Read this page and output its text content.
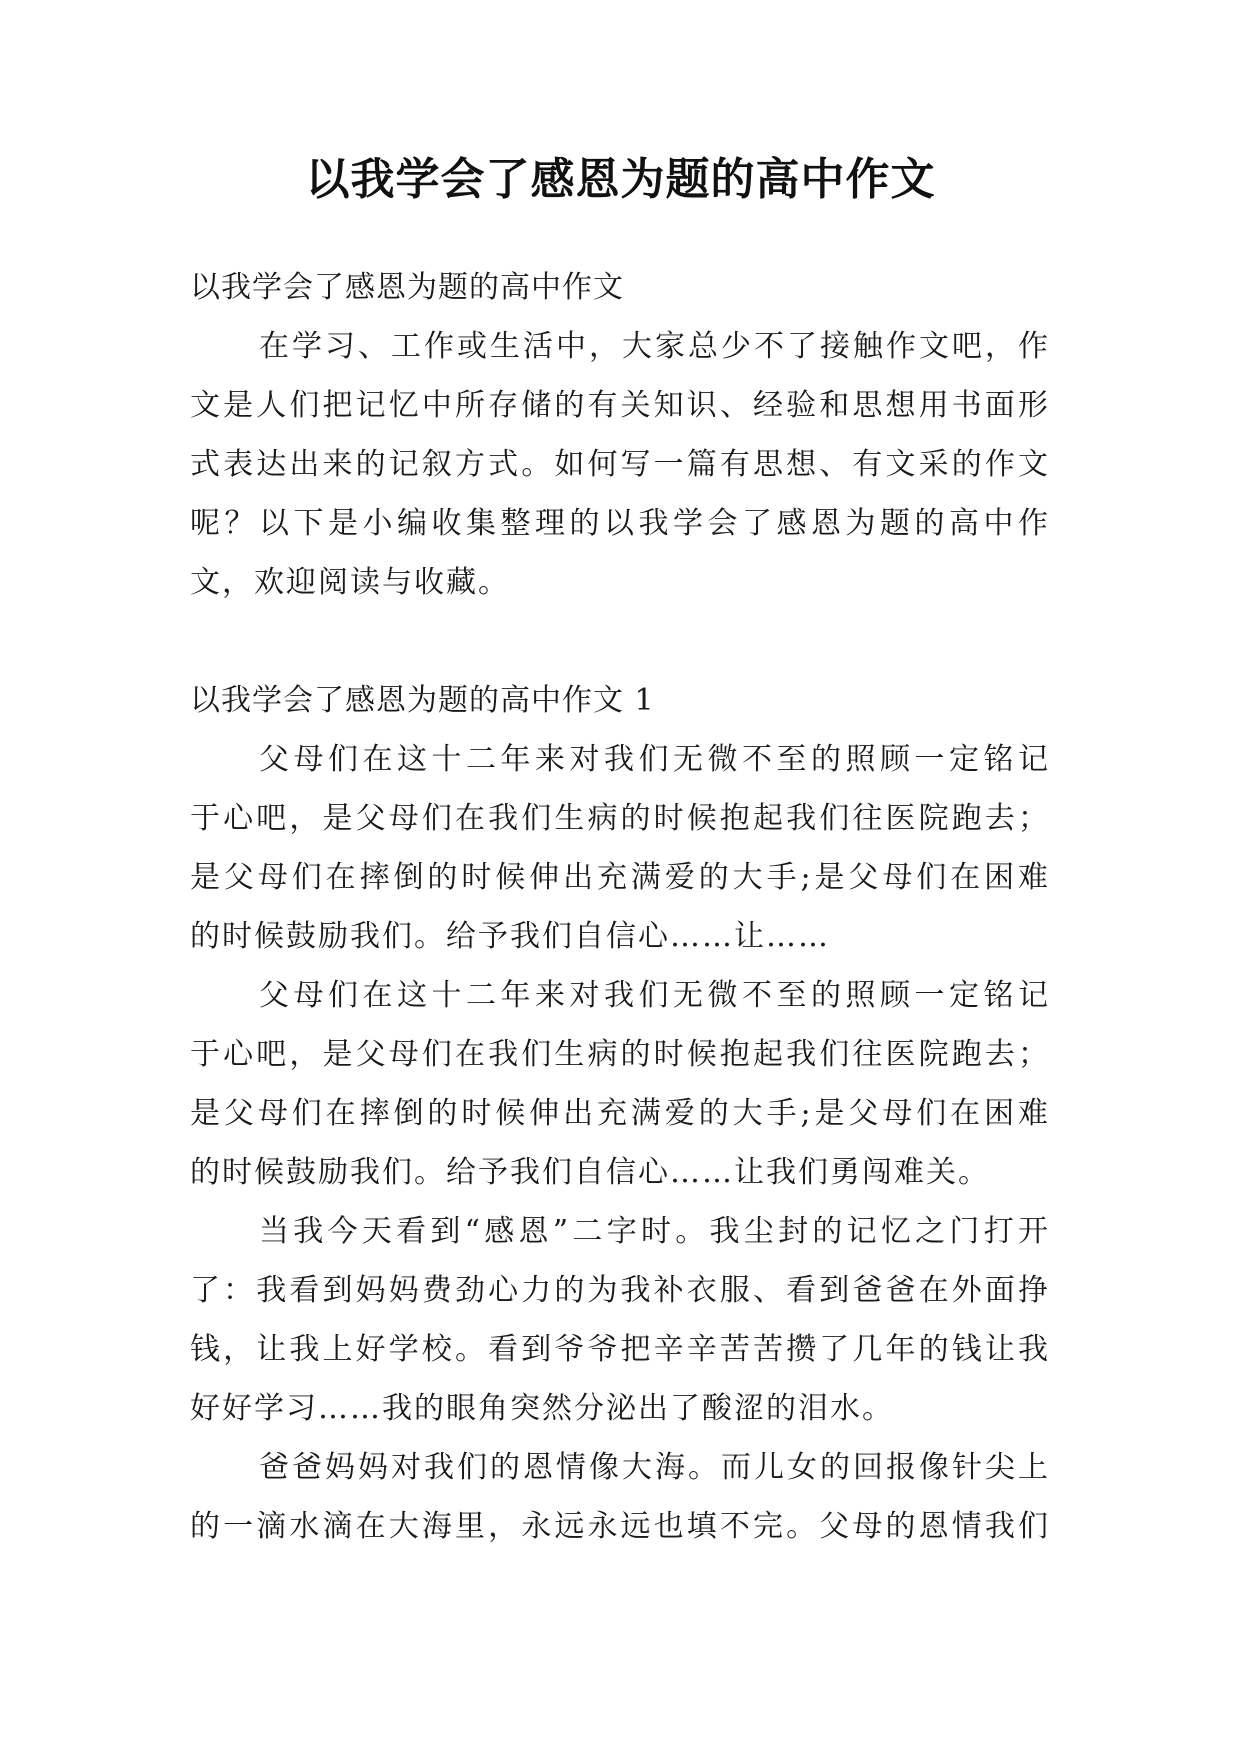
以我学会了感恩为题的高中作文
以我学会了感恩为题的高中作文
在学习、工作或生活中，大家总少不了接触作文吧，作
文是人们把记忆中所存储的有关知识、经验和思想用书面形
式表达出来的记叙方式。如何写一篇有思想、有文采的作文
呢？以下是小编收集整理的以我学会了感恩为题的高中作
文，欢迎阅读与收藏。
以我学会了感恩为题的高中作文 1
父母们在这十二年来对我们无微不至的照顾一定铭记
于心吧，是父母们在我们生病的时候抱起我们往医院跑去；
是父母们在摔倒的时候伸出充满爱的大手;是父母们在困难
的时候鼓励我们。给予我们自信心……让……
父母们在这十二年来对我们无微不至的照顾一定铭记
于心吧，是父母们在我们生病的时候抱起我们往医院跑去；
是父母们在摔倒的时候伸出充满爱的大手;是父母们在困难
的时候鼓励我们。给予我们自信心……让我们勇闯难关。
当我今天看到“感恩”二字时。我尘封的记忆之门打开
了：我看到妈妈费劲心力的为我补衣服、看到爸爸在外面挣
钱，让我上好学校。看到爷爷把辛辛苦苦攒了几年的钱让我
好好学习……我的眼角突然分泌出了酸涩的泪水。
爸爸妈妈对我们的恩情像大海。而儿女的回报像针尖上
的一滴水滴在大海里，永远永远也填不完。父母的恩情我们
